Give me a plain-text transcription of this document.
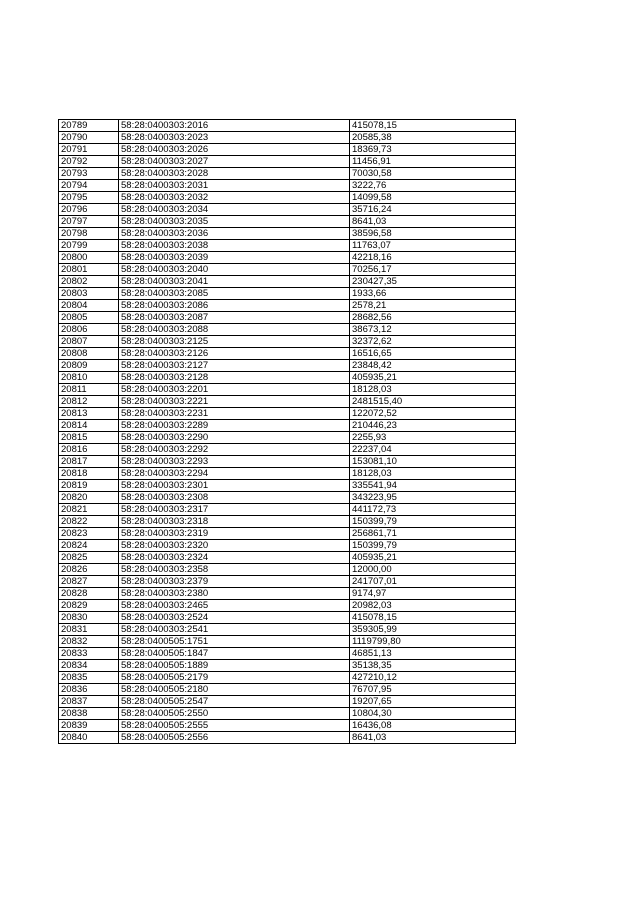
20789	58:28:0400303:2016	415078,15
20790	58:28:0400303:2023	20585,38
20791	58:28:0400303:2026	18369,73
20792	58:28:0400303:2027	11456,91
20793	58:28:0400303:2028	70030,58
20794	58:28:0400303:2031	3222,76
20795	58:28:0400303:2032	14099,58
20796	58:28:0400303:2034	35716,24
20797	58:28:0400303:2035	8641,03
20798	58:28:0400303:2036	38596,58
20799	58:28:0400303:2038	11763,07
20800	58:28:0400303:2039	42218,16
20801	58:28:0400303:2040	70256,17
20802	58:28:0400303:2041	230427,35
20803	58:28:0400303:2085	1933,66
20804	58:28:0400303:2086	2578,21
20805	58:28:0400303:2087	28682,56
20806	58:28:0400303:2088	38673,12
20807	58:28:0400303:2125	32372,62
20808	58:28:0400303:2126	16516,65
20809	58:28:0400303:2127	23848,42
20810	58:28:0400303:2128	405935,21
20811	58:28:0400303:2201	18128,03
20812	58:28:0400303:2221	2481515,40
20813	58:28:0400303:2231	122072,52
20814	58:28:0400303:2289	210446,23
20815	58:28:0400303:2290	2255,93
20816	58:28:0400303:2292	22237,04
20817	58:28:0400303:2293	153081,10
20818	58:28:0400303:2294	18128,03
20819	58:28:0400303:2301	335541,94
20820	58:28:0400303:2308	343223,95
20821	58:28:0400303:2317	441172,73
20822	58:28:0400303:2318	150399,79
20823	58:28:0400303:2319	256861,71
20824	58:28:0400303:2320	150399,79
20825	58:28:0400303:2324	405935,21
20826	58:28:0400303:2358	12000,00
20827	58:28:0400303:2379	241707,01
20828	58:28:0400303:2380	9174,97
20829	58:28:0400303:2465	20982,03
20830	58:28:0400303:2524	415078,15
20831	58:28:0400303:2541	359305,99
20832	58:28:0400505:1751	1119799,80
20833	58:28:0400505:1847	46851,13
20834	58:28:0400505:1889	35138,35
20835	58:28:0400505:2179	427210,12
20836	58:28:0400505:2180	76707,95
20837	58:28:0400505:2547	19207,65
20838	58:28:0400505:2550	10804,30
20839	58:28:0400505:2555	16436,08
20840	58:28:0400505:2556	8641,03
